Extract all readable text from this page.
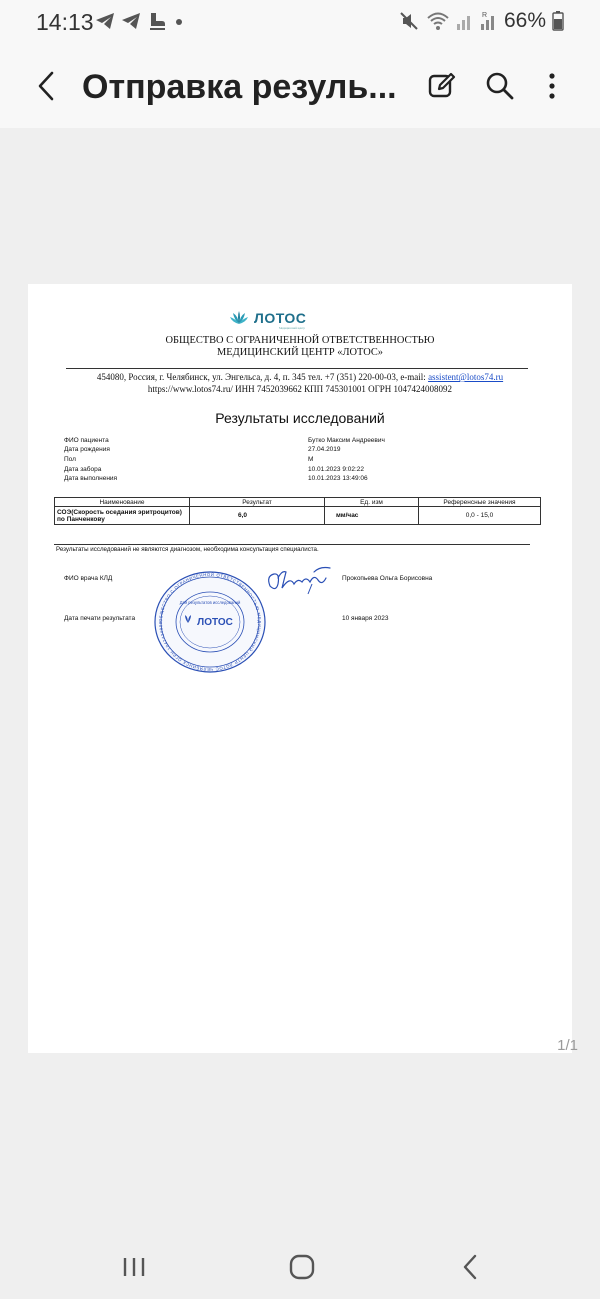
14:13	R 66%
Отправка резуль...
ЛОТОС
Медицинский центр
ОБЩЕСТВО С ОГРАНИЧЕННОЙ ОТВЕТСТВЕННОСТЬЮ
МЕДИЦИНСКИЙ ЦЕНТР «ЛОТОС»
454080, Россия, г. Челябинск, ул. Энгельса, д. 4, п. 345 тел. +7 (351) 220-00-03, e-mail: assistent@lotos74.ru
https://www.lotos74.ru/ ИНН 7452039662 КПП 745301001 ОГРН 1047424008092
Результаты исследований
ФИО пациента	Бутко Максим Андреевич
Дата рождения	27.04.2019
Пол	М
Дата забора	10.01.2023 9:02:22
Дата выполнения	10.01.2023 13:49:06
Наименование	Результат	Ед. изм	Референсные значения
СОЭ(Скорость оседания эритроцитов) по Панченкову	6,0	мм/час	0,0 - 15,0
Результаты исследований не являются диагнозом, необходима консультация специалиста.
ФИО врача КЛД	Прокопьева Ольга Борисовна
Дата печати результата	10 января 2023
ОБЩЕСТВО С ОГРАНИЧЕННОЙ ОТВЕТСТВЕННОСТЬЮ МЕДИЦИНСКИЙ ЦЕНТР ЛОТОС ЧЕЛЯБИНСК ОГРН 1047424008
Для результатов исследований
ЛОТОС
1/1
